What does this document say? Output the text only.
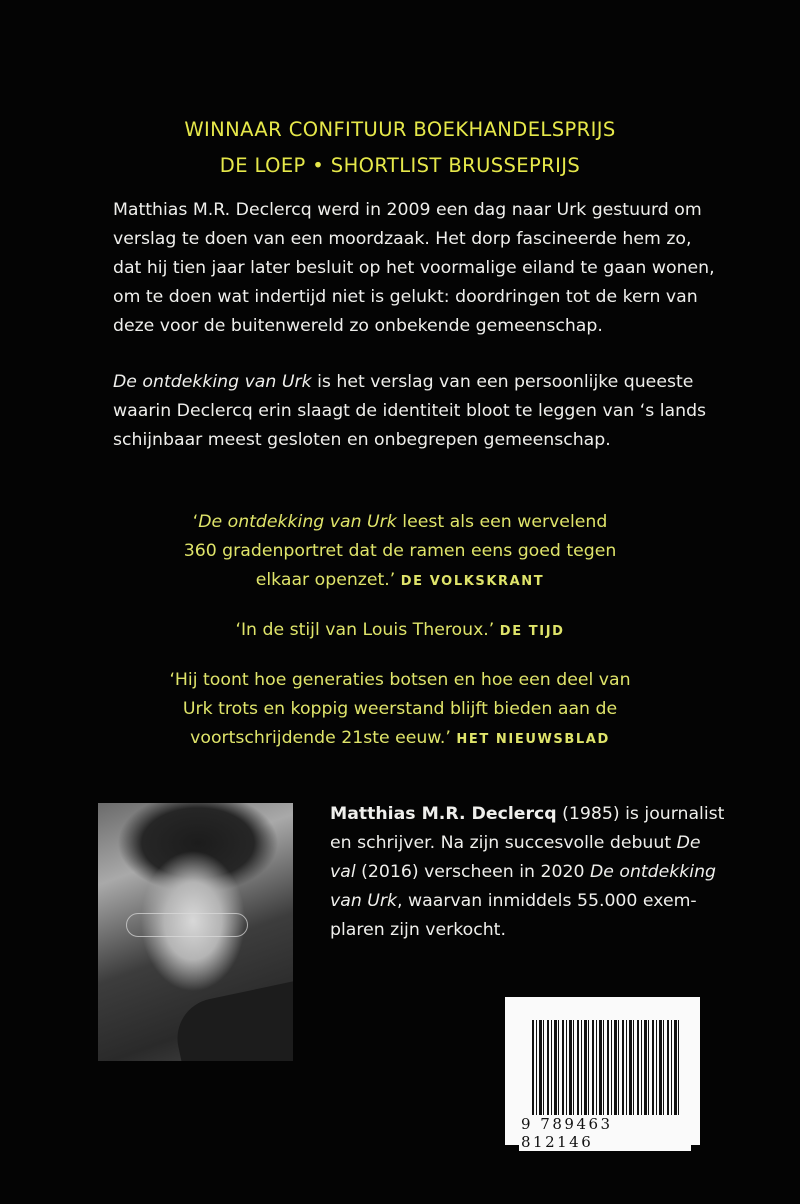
WINNAAR CONFITUUR BOEKHANDELSPRIJS
DE LOEP • SHORTLIST BRUSSEPRIJS
Matthias M.R. Declercq werd in 2009 een dag naar Urk gestuurd om
verslag te doen van een moordzaak. Het dorp fascineerde hem zo,
dat hij tien jaar later besluit op het voormalige eiland te gaan wonen,
om te doen wat indertijd niet is gelukt: doordringen tot de kern van
deze voor de buitenwereld zo onbekende gemeenschap.
De ontdekking van Urk is het verslag van een persoonlijke queeste
waarin Declercq erin slaagt de identiteit bloot te leggen van ‘s lands
schijnbaar meest gesloten en onbegrepen gemeenschap.
‘De ontdekking van Urk leest als een wervelend
360 gradenportret dat de ramen eens goed tegen
elkaar openzet.’ DE VOLKSKRANT
‘In de stijl van Louis Theroux.’ DE TIJD
‘Hij toont hoe generaties botsen en hoe een deel van
Urk trots en koppig weerstand blijft bieden aan de
voortschrijdende 21ste eeuw.’ HET NIEUWSBLAD
Matthias M.R. Declercq (1985) is journalist
en schrijver. Na zijn succesvolle debuut De
val (2016) verscheen in 2020 De ontdekking
van Urk, waarvan inmiddels 55.000 exem-
plaren zijn verkocht.
9 789463 812146
